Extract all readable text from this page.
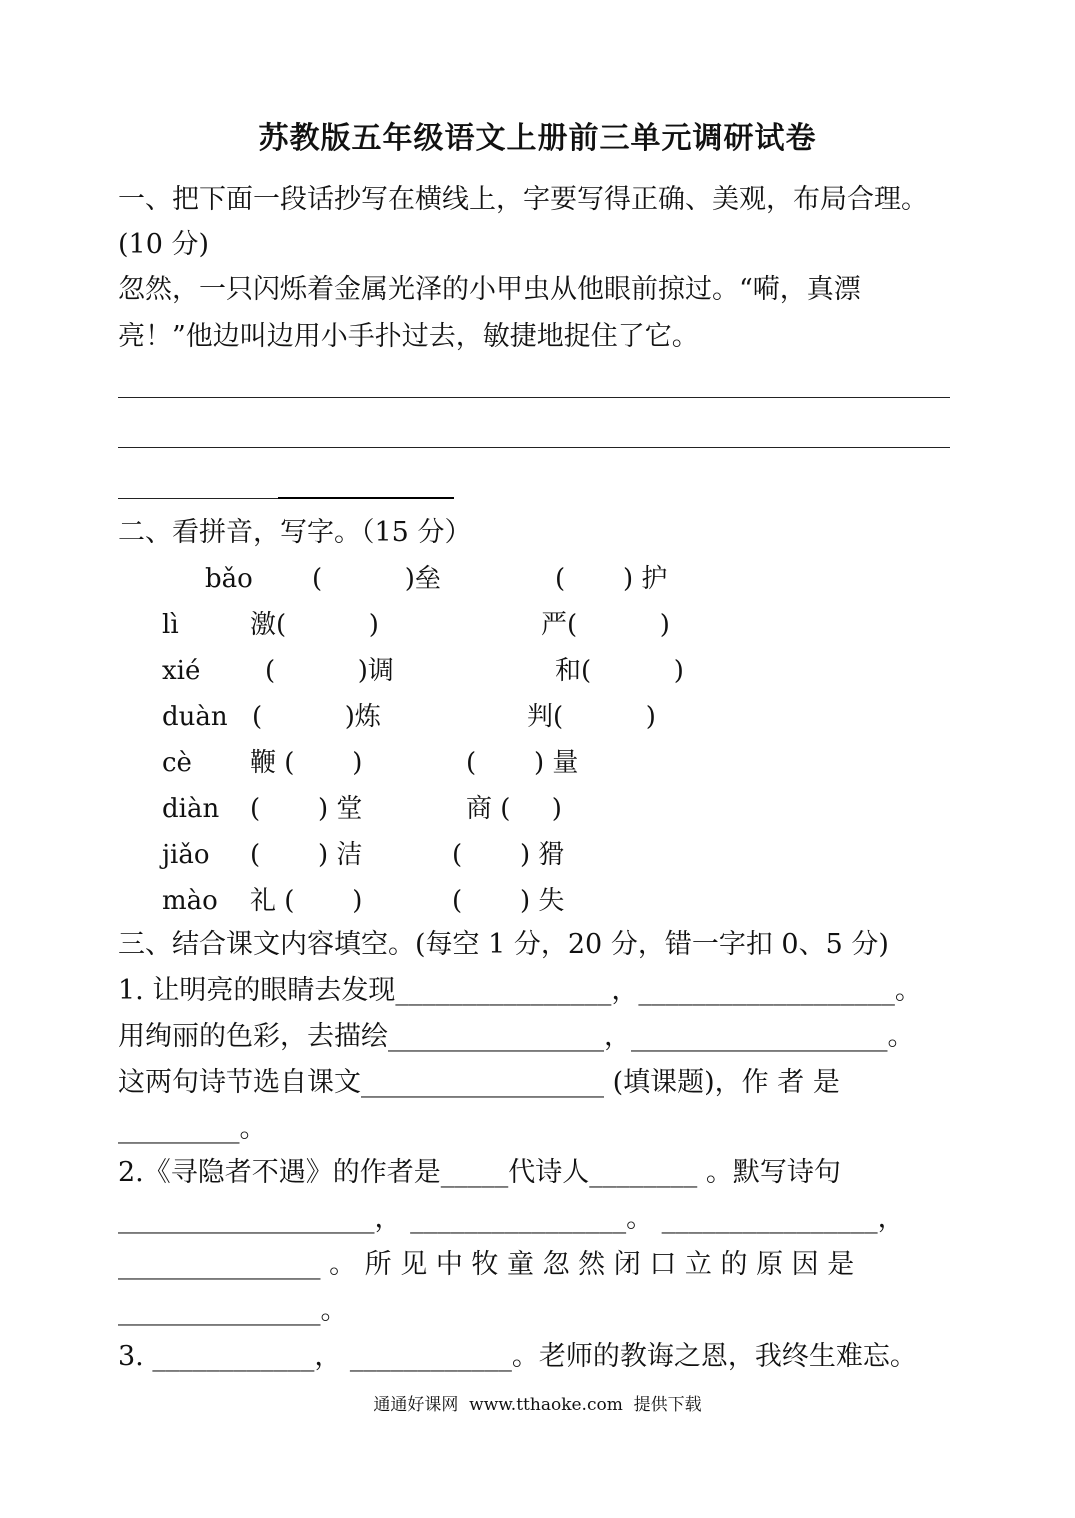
苏教版五年级语文上册前三单元调研试卷
一、把下面一段话抄写在横线上，字要写得正确、美观，布局合理。
(10 分)
忽然，一只闪烁着金属光泽的小甲虫从他眼前掠过。“嗬，真漂
亮！”他边叫边用小手扑过去，敏捷地捉住了它。
二、看拼音，写字。（15 分）
bǎo (          )垒	(       ) 护
lì	激(          )	严(          )
xié (          )调	和(          )
duàn (          )炼	判(          )
cè 鞭 (       )	(       ) 量
diàn (       ) 堂	商 (     )
jiǎo (       ) 洁	(       ) 猾
mào 礼 (       )	(       ) 失
三、结合课文内容填空。(每空 1 分，20 分，错一字扣 0、5 分)
1. 让明亮的眼睛去发现________________，___________________。
用绚丽的色彩，去描绘________________，___________________。
这两句诗节选自课文__________________ (填课题)，作 者 是
_________。
2.《寻隐者不遇》的作者是_____代诗人________ 。默写诗句
___________________， ________________。 ________________，
_______________ 。 所 见 中 牧 童 忽 然 闭 口 立 的 原 因 是
_______________。
3. ____________， ____________。老师的教诲之恩，我终生难忘。
通通好课网  www.tthaoke.com  提供下载
